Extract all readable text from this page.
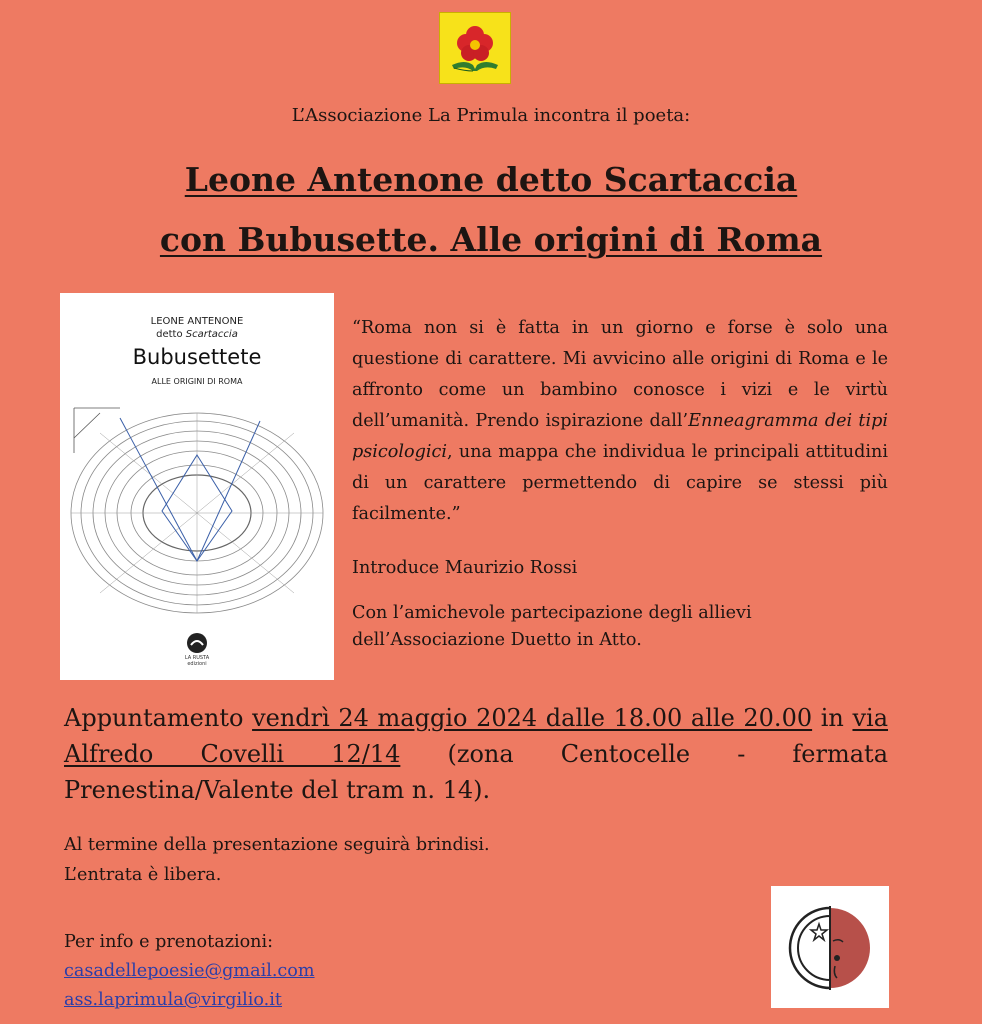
L’Associazione La Primula incontra il poeta:
Leone Antenone detto Scartaccia
con Bubusette. Alle origini di Roma
LEONE ANTENONE
detto Scartaccia
Bubusettete
ALLE ORIGINI DI ROMA
LA RUSTA
edizioni

“Roma non si è fatta in un giorno e forse è solo una questione di carattere. Mi avvicino alle origini di Roma e le affronto come un bambino conosce i vizi e le virtù dell’umanità. Prendo ispirazione dall’Enneagramma dei tipi psicologici, una mappa che individua le principali attitudini di un carattere permettendo di capire se stessi più facilmente.”

Introduce Maurizio Rossi
Con l’amichevole partecipazione degli allievi
dell’Associazione Duetto in Atto.
Appuntamento vendrì 24 maggio 2024 dalle 18.00 alle 20.00 in via Alfredo Covelli 12/14 (zona Centocelle - fermata Prenestina/Valente del tram n. 14).
Al termine della presentazione seguirà brindisi.
L’entrata è libera.
Per info e prenotazioni:
casadellepoesie@gmail.com
ass.laprimula@virgilio.it
